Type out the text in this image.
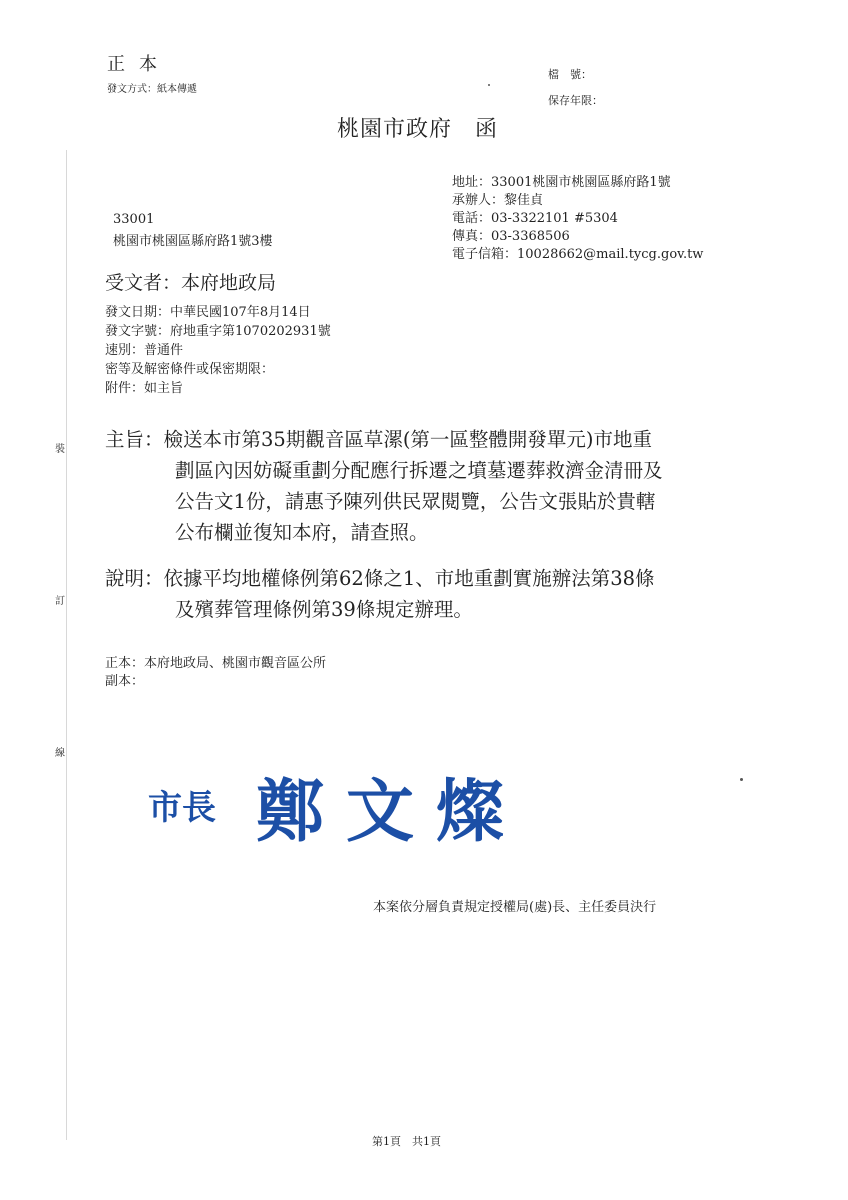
正本
發文方式：紙本傳遞
檔　號：
保存年限：
桃園市政府　函
地址：33001桃園市桃園區縣府路1號
承辦人：黎佳貞
電話：03-3322101 #5304
傳真：03-3368506
電子信箱：10028662@mail.tycg.gov.tw
33001
桃園市桃園區縣府路1號3樓
受文者：本府地政局
發文日期：中華民國107年8月14日
發文字號：府地重字第1070202931號
速別：普通件
密等及解密條件或保密期限：
附件：如主旨
主旨：檢送本市第35期觀音區草漯(第一區整體開發單元)市地重
劃區內因妨礙重劃分配應行拆遷之墳墓遷葬救濟金清冊及
公告文1份，請惠予陳列供民眾閱覽，公告文張貼於貴轄
公布欄並復知本府，請查照。
說明：依據平均地權條例第62條之1、市地重劃實施辦法第38條
及殯葬管理條例第39條規定辦理。
正本：本府地政局、桃園市觀音區公所
副本：
裝
訂
線
市長 鄭文燦
本案依分層負責規定授權局(處)長、主任委員決行
第1頁　共1頁
